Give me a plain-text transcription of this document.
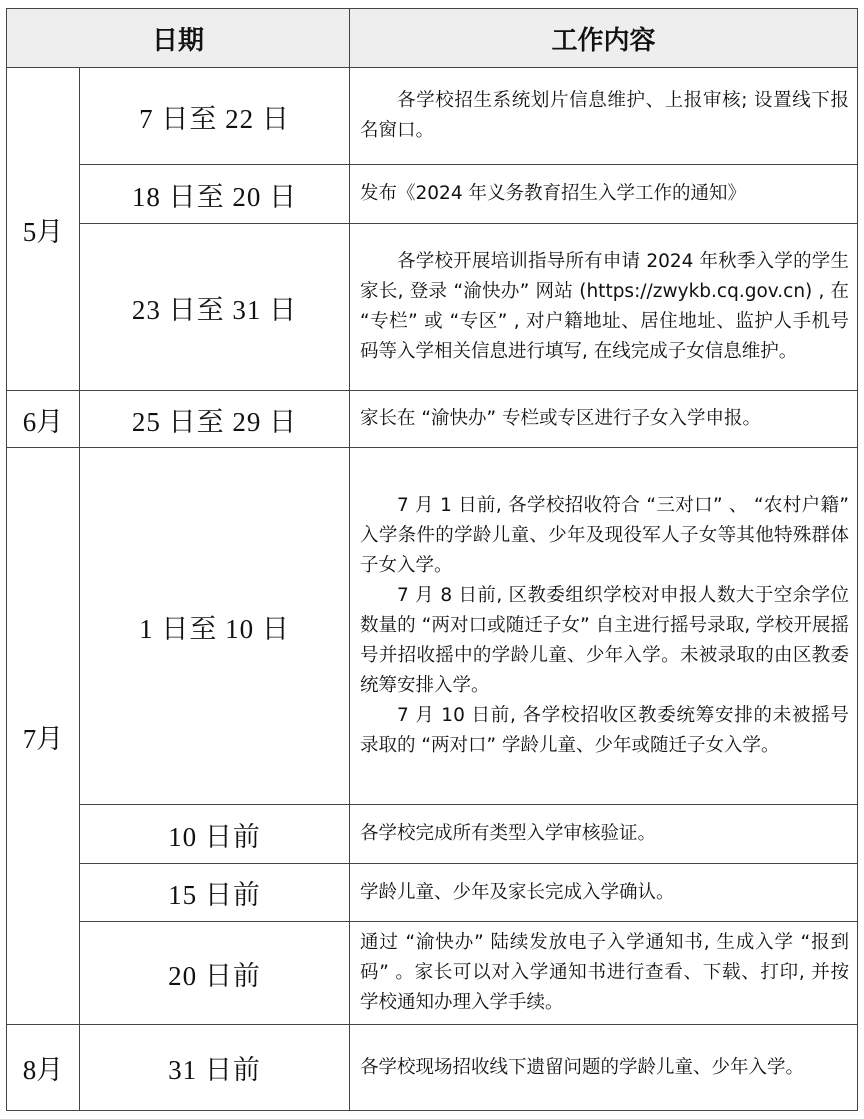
日期		工作内容
5月	7 日至 22 日	各学校招生系统划片信息维护、上报审核; 设置线下报名窗口。

	18 日至 20 日	发布《2024 年义务教育招生入学工作的通知》

	23 日至 31 日	各学校开展培训指导所有申请 2024 年秋季入学的学生家长, 登录 “渝快办” 网站 (https://zwykb.cq.gov.cn) , 在 “专栏” 或 “专区” , 对户籍地址、居住地址、监护人手机号码等入学相关信息进行填写, 在线完成子女信息维护。

6月	25 日至 29 日	家长在 “渝快办” 专栏或专区进行子女入学申报。

7月	1 日至 10 日	7 月 1 日前, 各学校招收符合 “三对口” 、 “农村户籍” 入学条件的学龄儿童、少年及现役军人子女等其他特殊群体子女入学。

7 月 8 日前, 区教委组织学校对申报人数大于空余学位数量的 “两对口或随迁子女” 自主进行摇号录取, 学校开展摇号并招收摇中的学龄儿童、少年入学。未被录取的由区教委统筹安排入学。

7 月 10 日前, 各学校招收区教委统筹安排的未被摇号录取的 “两对口” 学龄儿童、少年或随迁子女入学。

	10 日前	各学校完成所有类型入学审核验证。

	15 日前	学龄儿童、少年及家长完成入学确认。

	20 日前	通过 “渝快办” 陆续发放电子入学通知书, 生成入学 “报到码” 。家长可以对入学通知书进行查看、下载、打印, 并按学校通知办理入学手续。

8月	31 日前	各学校现场招收线下遗留问题的学龄儿童、少年入学。
